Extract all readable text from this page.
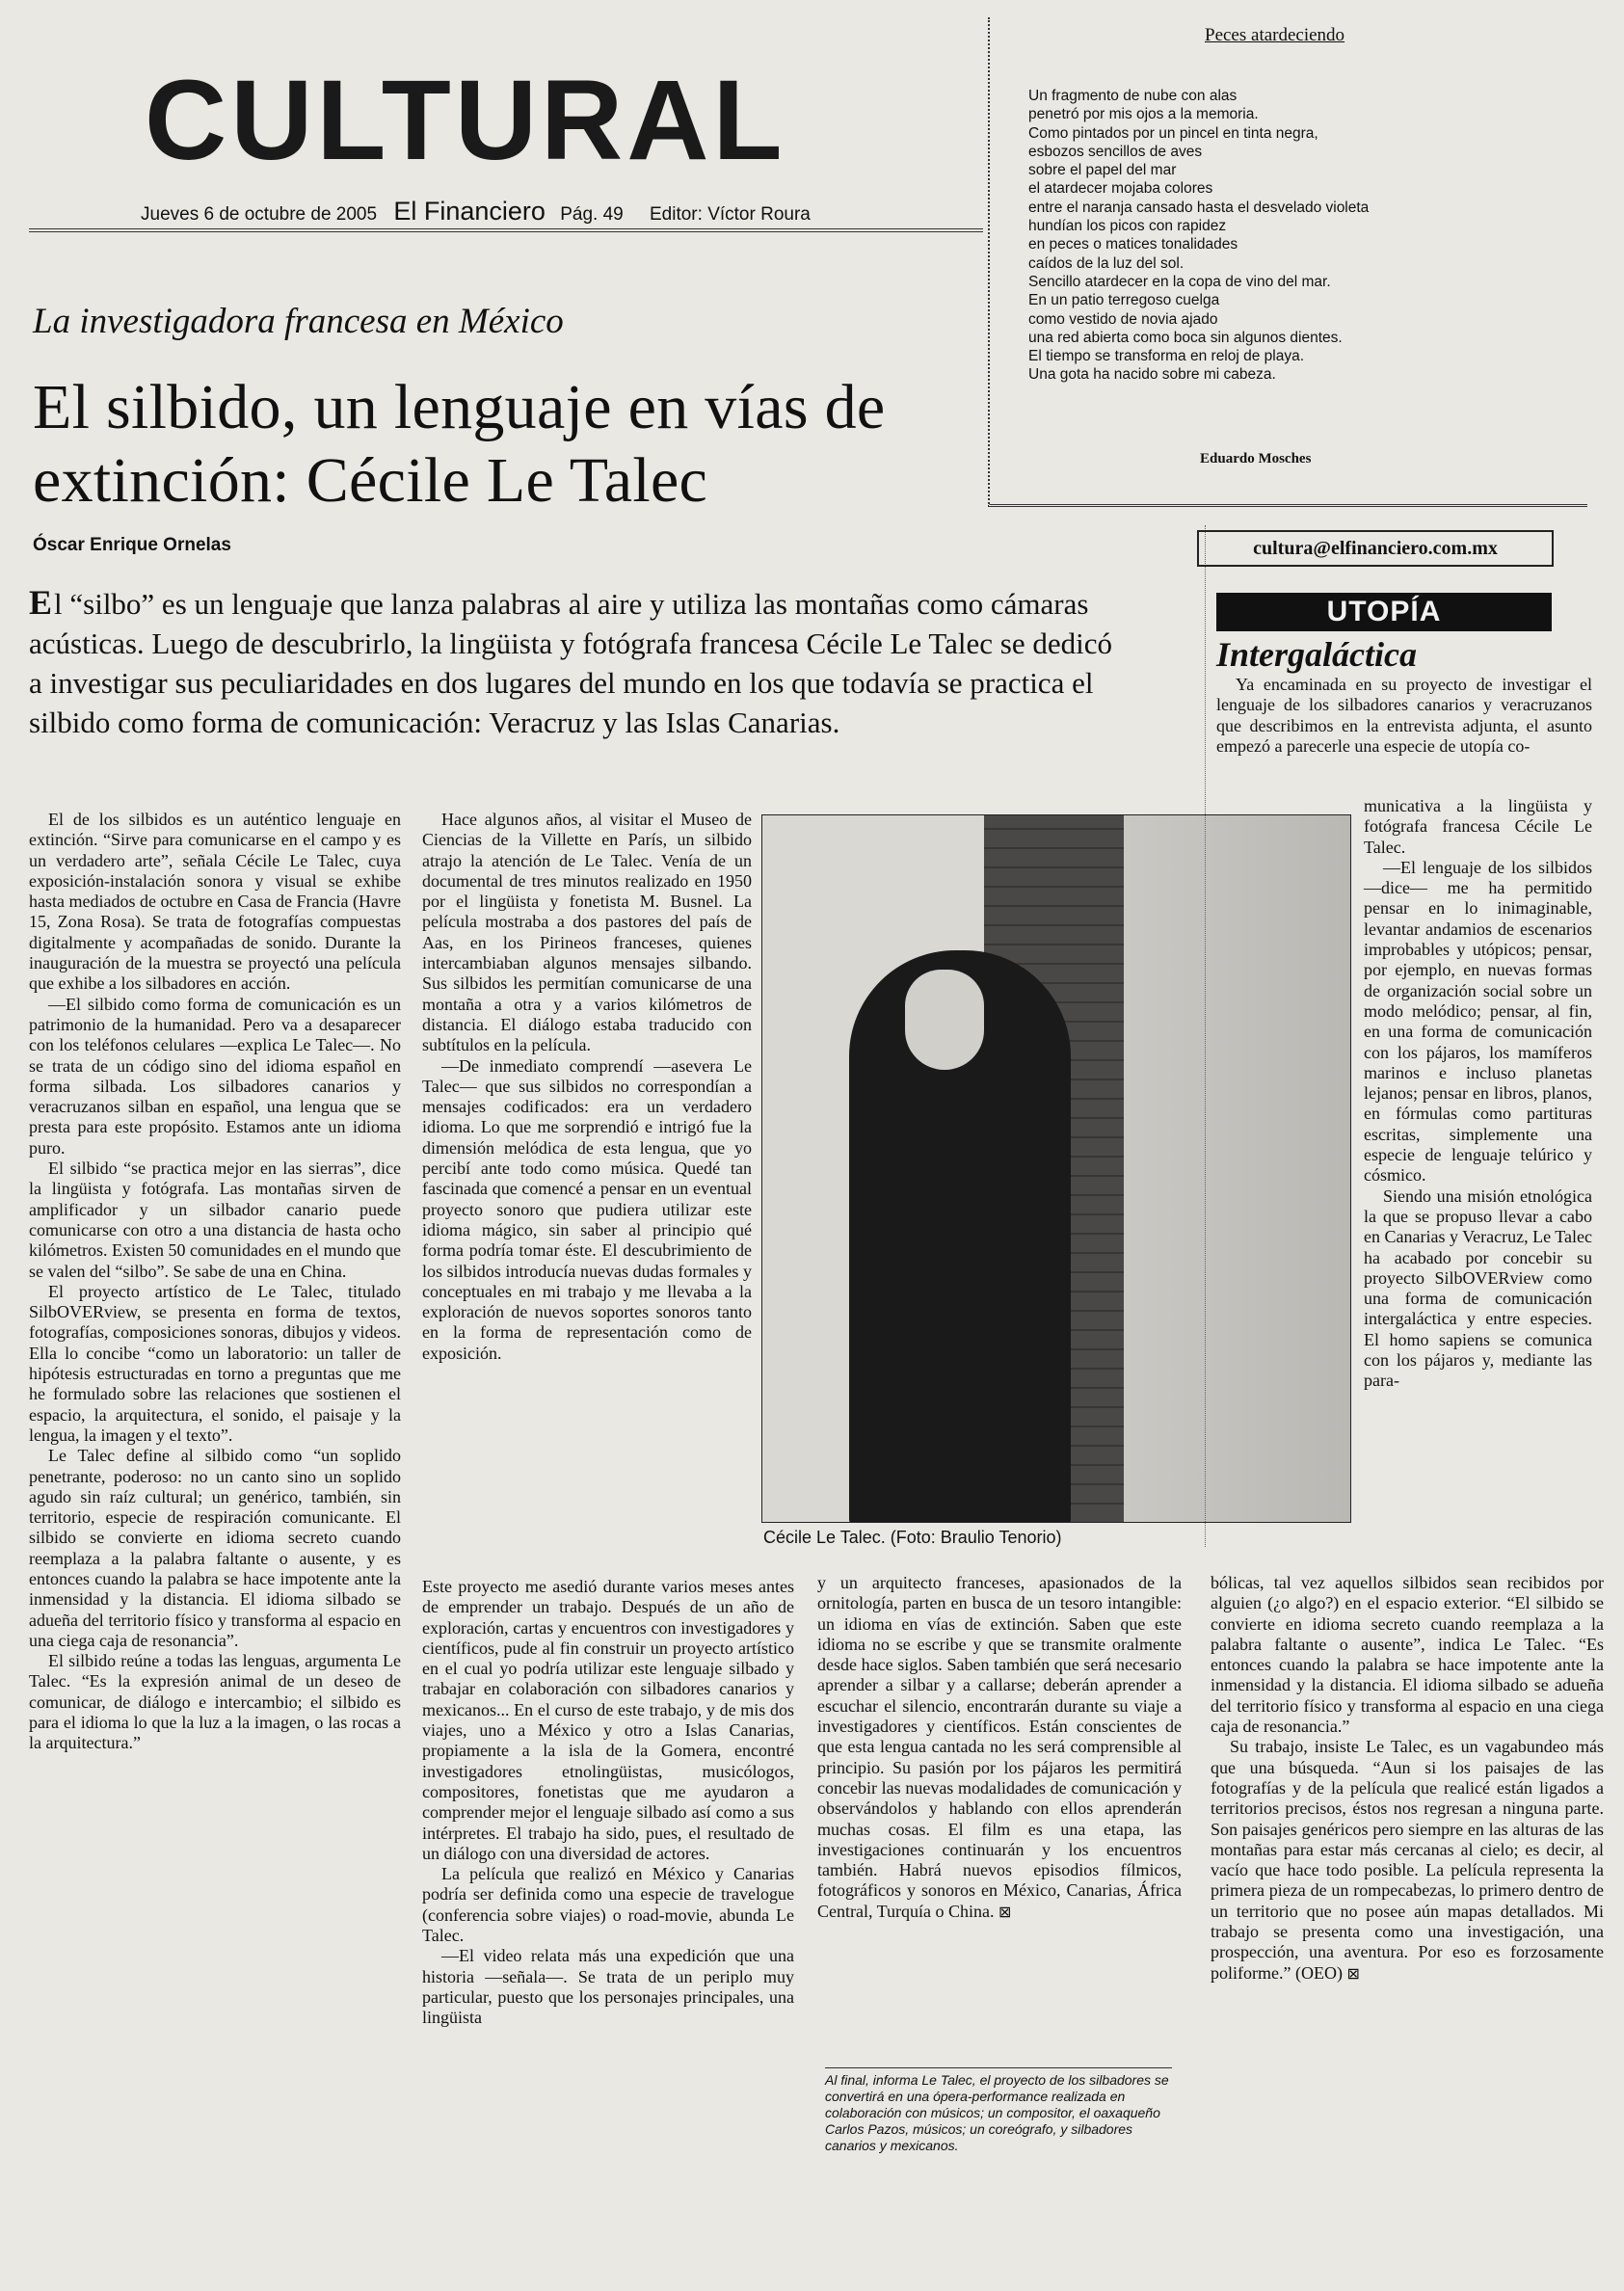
CULTURAL
Jueves 6 de octubre de 2005 El Financiero Pág. 49 Editor: Víctor Roura
Peces atardeciendo
Un fragmento de nube con alas
penetró por mis ojos a la memoria.
Como pintados por un pincel en tinta negra,
esbozos sencillos de aves
sobre el papel del mar
el atardecer mojaba colores
entre el naranja cansado hasta el desvelado violeta
hundían los picos con rapidez
en peces o matices tonalidades
caídos de la luz del sol.
Sencillo atardecer en la copa de vino del mar.
En un patio terregoso cuelga
como vestido de novia ajado
una red abierta como boca sin algunos dientes.
El tiempo se transforma en reloj de playa.
Una gota ha nacido sobre mi cabeza.
Eduardo Mosches
La investigadora francesa en México
El silbido, un lenguaje en vías de extinción: Cécile Le Talec
Óscar Enrique Ornelas
El “silbo” es un lenguaje que lanza palabras al aire y utiliza las montañas como cámaras acústicas. Luego de descubrirlo, la lingüista y fotógrafa francesa Cécile Le Talec se dedicó a investigar sus peculiaridades en dos lugares del mundo en los que todavía se practica el silbido como forma de comunicación: Veracruz y las Islas Canarias.

El de los silbidos es un auténtico lenguaje en extinción. “Sirve para comunicarse en el campo y es un verdadero arte”, señala Cécile Le Talec, cuya exposición-instalación sonora y visual se exhibe hasta mediados de octubre en Casa de Francia (Havre 15, Zona Rosa). Se trata de fotografías compuestas digitalmente y acompañadas de sonido. Durante la inauguración de la muestra se proyectó una película que exhibe a los silbadores en acción.

—El silbido como forma de comunicación es un patrimonio de la humanidad. Pero va a desaparecer con los teléfonos celulares —explica Le Talec—. No se trata de un código sino del idioma español en forma silbada. Los silbadores canarios y veracruzanos silban en español, una lengua que se presta para este propósito. Estamos ante un idioma puro.

El silbido “se practica mejor en las sierras”, dice la lingüista y fotógrafa. Las montañas sirven de amplificador y un silbador canario puede comunicarse con otro a una distancia de hasta ocho kilómetros. Existen 50 comunidades en el mundo que se valen del “silbo”. Se sabe de una en China.

El proyecto artístico de Le Talec, titulado SilbOVERview, se presenta en forma de textos, fotografías, composiciones sonoras, dibujos y videos. Ella lo concibe “como un laboratorio: un taller de hipótesis estructuradas en torno a preguntas que me he formulado sobre las relaciones que sostienen el espacio, la arquitectura, el sonido, el paisaje y la lengua, la imagen y el texto”.

Le Talec define al silbido como “un soplido penetrante, poderoso: no un canto sino un soplido agudo sin raíz cultural; un genérico, también, sin territorio, especie de respiración comunicante. El silbido se convierte en idioma secreto cuando reemplaza a la palabra faltante o ausente, y es entonces cuando la palabra se hace impotente ante la inmensidad y la distancia. El idioma silbado se adueña del territorio físico y transforma al espacio en una ciega caja de resonancia”.

El silbido reúne a todas las lenguas, argumenta Le Talec. “Es la expresión animal de un deseo de comunicar, de diálogo e intercambio; el silbido es para el idioma lo que la luz a la imagen, o las rocas a la arquitectura.”

Hace algunos años, al visitar el Museo de Ciencias de la Villette en París, un silbido atrajo la atención de Le Talec. Venía de un documental de tres minutos realizado en 1950 por el lingüista y fonetista M. Busnel. La película mostraba a dos pastores del país de Aas, en los Pirineos franceses, quienes intercambiaban algunos mensajes silbando. Sus silbidos les permitían comunicarse de una montaña a otra y a varios kilómetros de distancia. El diálogo estaba traducido con subtítulos en la película.

—De inmediato comprendí —asevera Le Talec— que sus silbidos no correspondían a mensajes codificados: era un verdadero idioma. Lo que me sorprendió e intrigó fue la dimensión melódica de esta lengua, que yo percibí ante todo como música. Quedé tan fascinada que comencé a pensar en un eventual proyecto sonoro que pudiera utilizar este idioma mágico, sin saber al principio qué forma podría tomar éste. El descubrimiento de los silbidos introducía nuevas dudas formales y conceptuales en mi trabajo y me llevaba a la exploración de nuevos soportes sonoros tanto en la forma de representación como de exposición.

Este proyecto me asedió durante varios meses antes de emprender un trabajo. Después de un año de exploración, cartas y encuentros con investigadores y científicos, pude al fin construir un proyecto artístico en el cual yo podría utilizar este lenguaje silbado y trabajar en colaboración con silbadores canarios y mexicanos... En el curso de este trabajo, y de mis dos viajes, uno a México y otro a Islas Canarias, propiamente a la isla de la Gomera, encontré investigadores etnolingüistas, musicólogos, compositores, fonetistas que me ayudaron a comprender mejor el lenguaje silbado así como a sus intérpretes. El trabajo ha sido, pues, el resultado de un diálogo con una diversidad de actores.

La película que realizó en México y Canarias podría ser definida como una especie de travelogue (conferencia sobre viajes) o road-movie, abunda Le Talec.

—El video relata más una expedición que una historia —señala—. Se trata de un periplo muy particular, puesto que los personajes principales, una lingüista

Cécile Le Talec. (Foto: Braulio Tenorio)

y un arquitecto franceses, apasionados de la ornitología, parten en busca de un tesoro intangible: un idioma en vías de extinción. Saben que este idioma no se escribe y que se transmite oralmente desde hace siglos. Saben también que será necesario aprender a silbar y a callarse; deberán aprender a escuchar el silencio, encontrarán durante su viaje a investigadores y científicos. Están conscientes de que esta lengua cantada no les será comprensible al principio. Su pasión por los pájaros les permitirá concebir las nuevas modalidades de comunicación y observándolos y hablando con ellos aprenderán muchas cosas. El film es una etapa, las investigaciones continuarán y los encuentros también. Habrá nuevos episodios fílmicos, fotográficos y sonoros en México, Canarias, África Central, Turquía o China. ⊠

Al final, informa Le Talec, el proyecto de los silbadores se convertirá en una ópera-performance realizada en colaboración con músicos; un compositor, el oaxaqueño Carlos Pazos, músicos; un coreógrafo, y silbadores canarios y mexicanos.

bólicas, tal vez aquellos silbidos sean recibidos por alguien (¿o algo?) en el espacio exterior. “El silbido se convierte en idioma secreto cuando reemplaza a la palabra faltante o ausente”, indica Le Talec. “Es entonces cuando la palabra se hace impotente ante la inmensidad y la distancia. El idioma silbado se adueña del territorio físico y transforma al espacio en una ciega caja de resonancia.”

Su trabajo, insiste Le Talec, es un vagabundeo más que una búsqueda. “Aun si los paisajes de las fotografías y de la película que realicé están ligados a territorios precisos, éstos nos regresan a ninguna parte. Son paisajes genéricos pero siempre en las alturas de las montañas para estar más cercanas al cielo; es decir, al vacío que hace todo posible. La película representa la primera pieza de un rompecabezas, lo primero dentro de un territorio que no posee aún mapas detallados. Mi trabajo se presenta como una investigación, una prospección, una aventura. Por eso es forzosamente poliforme.” (OEO) ⊠

cultura@elfinanciero.com.mx
UTOPÍA
Intergaláctica

Ya encaminada en su proyecto de investigar el lenguaje de los silbadores canarios y veracruzanos que describimos en la entrevista adjunta, el asunto empezó a parecerle una especie de utopía co-

municativa a la lingüista y fotógrafa francesa Cécile Le Talec.

—El lenguaje de los silbidos —dice— me ha permitido pensar en lo inimaginable, levantar andamios de escenarios improbables y utópicos; pensar, por ejemplo, en nuevas formas de organización social sobre un modo melódico; pensar, al fin, en una forma de comunicación con los pájaros, los mamíferos marinos e incluso planetas lejanos; pensar en libros, planos, en fórmulas como partituras escritas, simplemente una especie de lenguaje telúrico y cósmico.

Siendo una misión etnológica la que se propuso llevar a cabo en Canarias y Veracruz, Le Talec ha acabado por concebir su proyecto SilbOVERview como una forma de comunicación intergaláctica y entre especies. El homo sapiens se comunica con los pájaros y, mediante las para-
